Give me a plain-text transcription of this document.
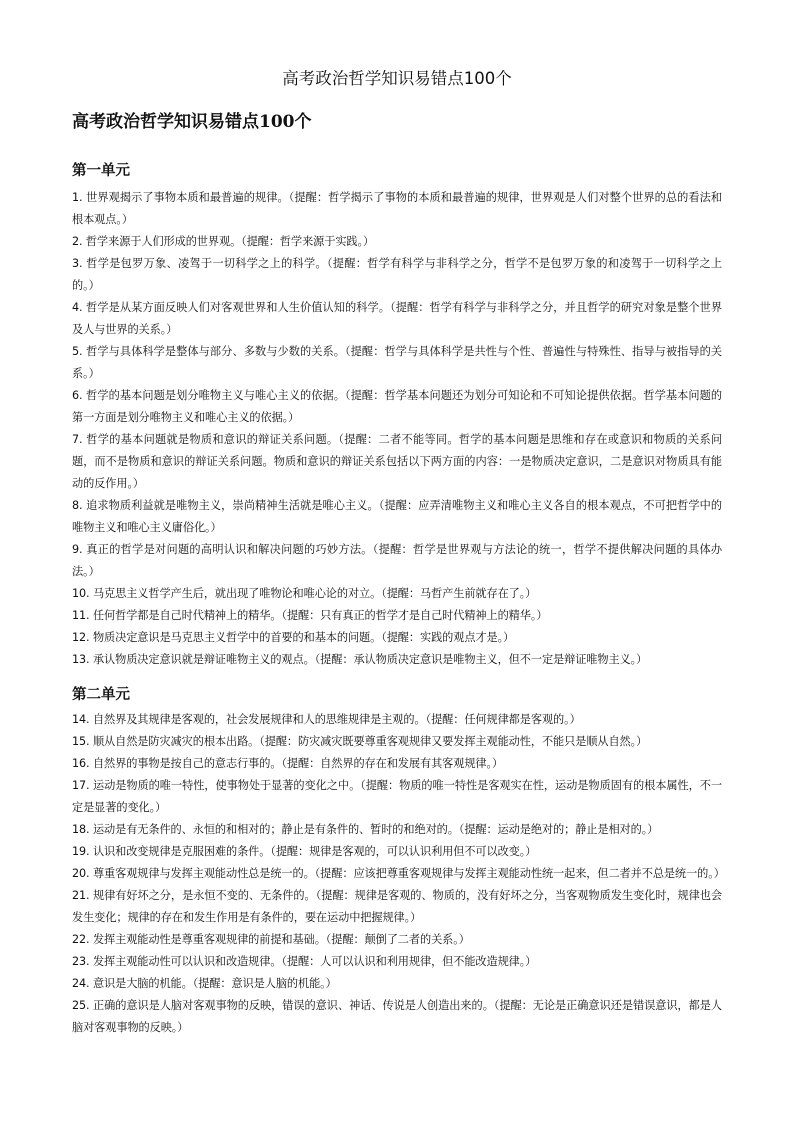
高考政治哲学知识易错点100个
高考政治哲学知识易错点100个
第一单元
1. 世界观揭示了事物本质和最普遍的规律。（提醒：哲学揭示了事物的本质和最普遍的规律，世界观是人们对整个世界的总的看法和根本观点。）
2. 哲学来源于人们形成的世界观。（提醒：哲学来源于实践。）
3. 哲学是包罗万象、凌驾于一切科学之上的科学。（提醒：哲学有科学与非科学之分，哲学不是包罗万象的和凌驾于一切科学之上的。）
4. 哲学是从某方面反映人们对客观世界和人生价值认知的科学。（提醒：哲学有科学与非科学之分，并且哲学的研究对象是整个世界及人与世界的关系。）
5. 哲学与具体科学是整体与部分、多数与少数的关系。（提醒：哲学与具体科学是共性与个性、普遍性与特殊性、指导与被指导的关系。）
6. 哲学的基本问题是划分唯物主义与唯心主义的依据。（提醒：哲学基本问题还为划分可知论和不可知论提供依据。哲学基本问题的第一方面是划分唯物主义和唯心主义的依据。）
7. 哲学的基本问题就是物质和意识的辩证关系问题。（提醒：二者不能等同。哲学的基本问题是思维和存在或意识和物质的关系问题，而不是物质和意识的辩证关系问题。物质和意识的辩证关系包括以下两方面的内容：一是物质决定意识，二是意识对物质具有能动的反作用。）
8. 追求物质利益就是唯物主义，崇尚精神生活就是唯心主义。（提醒：应弄清唯物主义和唯心主义各自的根本观点，不可把哲学中的唯物主义和唯心主义庸俗化。）
9. 真正的哲学是对问题的高明认识和解决问题的巧妙方法。（提醒：哲学是世界观与方法论的统一，哲学不提供解决问题的具体办法。）
10. 马克思主义哲学产生后，就出现了唯物论和唯心论的对立。（提醒：马哲产生前就存在了。）
11. 任何哲学都是自己时代精神上的精华。（提醒：只有真正的哲学才是自己时代精神上的精华。）
12. 物质决定意识是马克思主义哲学中的首要的和基本的问题。（提醒：实践的观点才是。）
13. 承认物质决定意识就是辩证唯物主义的观点。（提醒：承认物质决定意识是唯物主义，但不一定是辩证唯物主义。）
第二单元
14. 自然界及其规律是客观的，社会发展规律和人的思维规律是主观的。（提醒：任何规律都是客观的。）
15. 顺从自然是防灾减灾的根本出路。（提醒：防灾减灾既要尊重客观规律又要发挥主观能动性，不能只是顺从自然。）
16. 自然界的事物是按自己的意志行事的。（提醒：自然界的存在和发展有其客观规律。）
17. 运动是物质的唯一特性，使事物处于显著的变化之中。（提醒：物质的唯一特性是客观实在性，运动是物质固有的根本属性，不一定是显著的变化。）
18. 运动是有无条件的、永恒的和相对的；静止是有条件的、暂时的和绝对的。（提醒：运动是绝对的；静止是相对的。）
19. 认识和改变规律是克服困难的条件。（提醒：规律是客观的，可以认识利用但不可以改变。）
20. 尊重客观规律与发挥主观能动性总是统一的。（提醒：应该把尊重客观规律与发挥主观能动性统一起来，但二者并不总是统一的。）
21. 规律有好坏之分，是永恒不变的、无条件的。（提醒：规律是客观的、物质的，没有好坏之分，当客观物质发生变化时，规律也会发生变化；规律的存在和发生作用是有条件的，要在运动中把握规律。）
22. 发挥主观能动性是尊重客观规律的前提和基础。（提醒：颠倒了二者的关系。）
23. 发挥主观能动性可以认识和改造规律。（提醒：人可以认识和利用规律，但不能改造规律。）
24. 意识是大脑的机能。（提醒：意识是人脑的机能。）
25. 正确的意识是人脑对客观事物的反映，错误的意识、神话、传说是人创造出来的。（提醒：无论是正确意识还是错误意识，都是人脑对客观事物的反映。）
